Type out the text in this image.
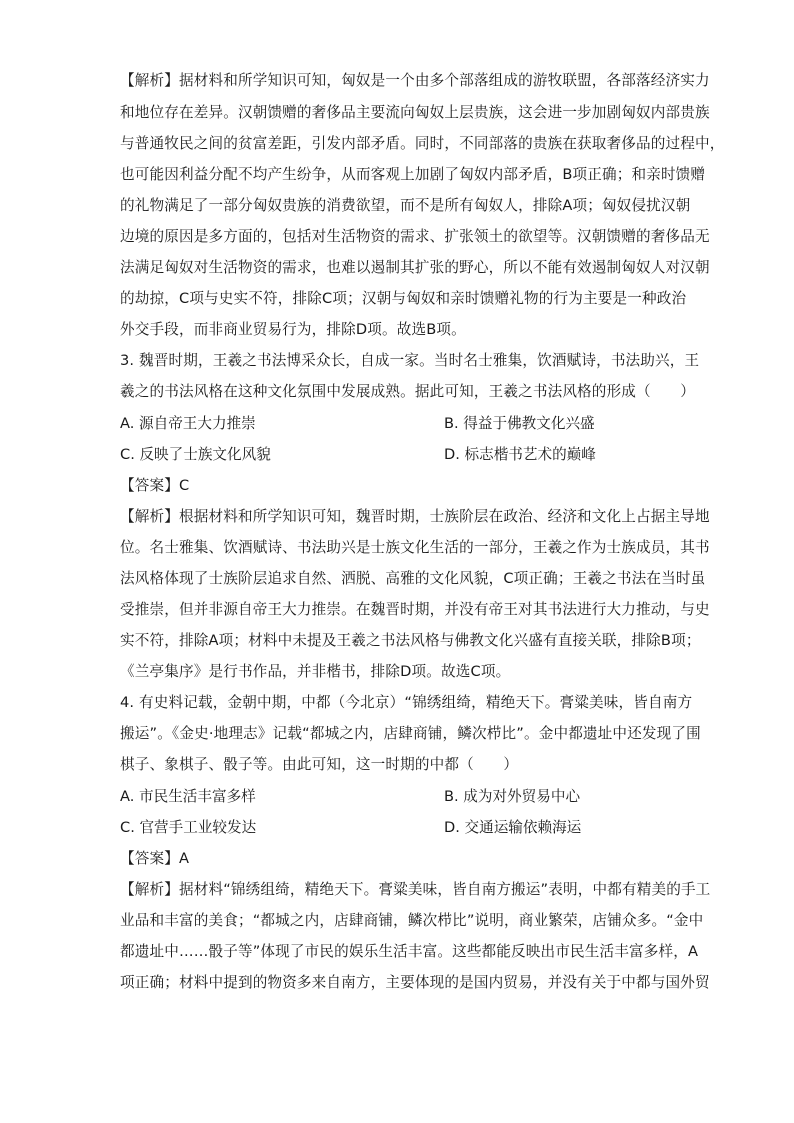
【解析】据材料和所学知识可知，匈奴是一个由多个部落组成的游牧联盟，各部落经济实力
和地位存在差异。汉朝馈赠的奢侈品主要流向匈奴上层贵族，这会进一步加剧匈奴内部贵族
与普通牧民之间的贫富差距，引发内部矛盾。同时，不同部落的贵族在获取奢侈品的过程中，
也可能因利益分配不均产生纷争，从而客观上加剧了匈奴内部矛盾，B项正确；和亲时馈赠
的礼物满足了一部分匈奴贵族的消费欲望，而不是所有匈奴人，排除A项；匈奴侵扰汉朝
边境的原因是多方面的，包括对生活物资的需求、扩张领土的欲望等。汉朝馈赠的奢侈品无
法满足匈奴对生活物资的需求，也难以遏制其扩张的野心，所以不能有效遏制匈奴人对汉朝
的劫掠，C项与史实不符，排除C项；汉朝与匈奴和亲时馈赠礼物的行为主要是一种政治
外交手段，而非商业贸易行为，排除D项。故选B项。
3. 魏晋时期，王羲之书法博采众长，自成一家。当时名士雅集，饮酒赋诗，书法助兴，王
羲之的书法风格在这种文化氛围中发展成熟。据此可知，王羲之书法风格的形成（　　）
A. 源自帝王大力推崇	B. 得益于佛教文化兴盛
C. 反映了士族文化风貌	D. 标志楷书艺术的巅峰
【答案】C
【解析】根据材料和所学知识可知，魏晋时期，士族阶层在政治、经济和文化上占据主导地
位。名士雅集、饮酒赋诗、书法助兴是士族文化生活的一部分，王羲之作为士族成员，其书
法风格体现了士族阶层追求自然、洒脱、高雅的文化风貌，C项正确；王羲之书法在当时虽
受推崇，但并非源自帝王大力推崇。在魏晋时期，并没有帝王对其书法进行大力推动，与史
实不符，排除A项；材料中未提及王羲之书法风格与佛教文化兴盛有直接关联，排除B项；
《兰亭集序》是行书作品，并非楷书，排除D项。故选C项。
4. 有史料记载，金朝中期，中都（今北京）“锦绣组绮，精绝天下。膏粱美味，皆自南方
搬运”。《金史·地理志》记载“都城之内，店肆商铺，鳞次栉比”。金中都遗址中还发现了围
棋子、象棋子、骰子等。由此可知，这一时期的中都（　　）
A. 市民生活丰富多样	B. 成为对外贸易中心
C. 官营手工业较发达	D. 交通运输依赖海运
【答案】A
【解析】据材料“锦绣组绮，精绝天下。膏粱美味，皆自南方搬运”表明，中都有精美的手工
业品和丰富的美食；“都城之内，店肆商铺，鳞次栉比”说明，商业繁荣，店铺众多。“金中
都遗址中……骰子等”体现了市民的娱乐生活丰富。这些都能反映出市民生活丰富多样，A
项正确；材料中提到的物资多来自南方，主要体现的是国内贸易，并没有关于中都与国外贸
